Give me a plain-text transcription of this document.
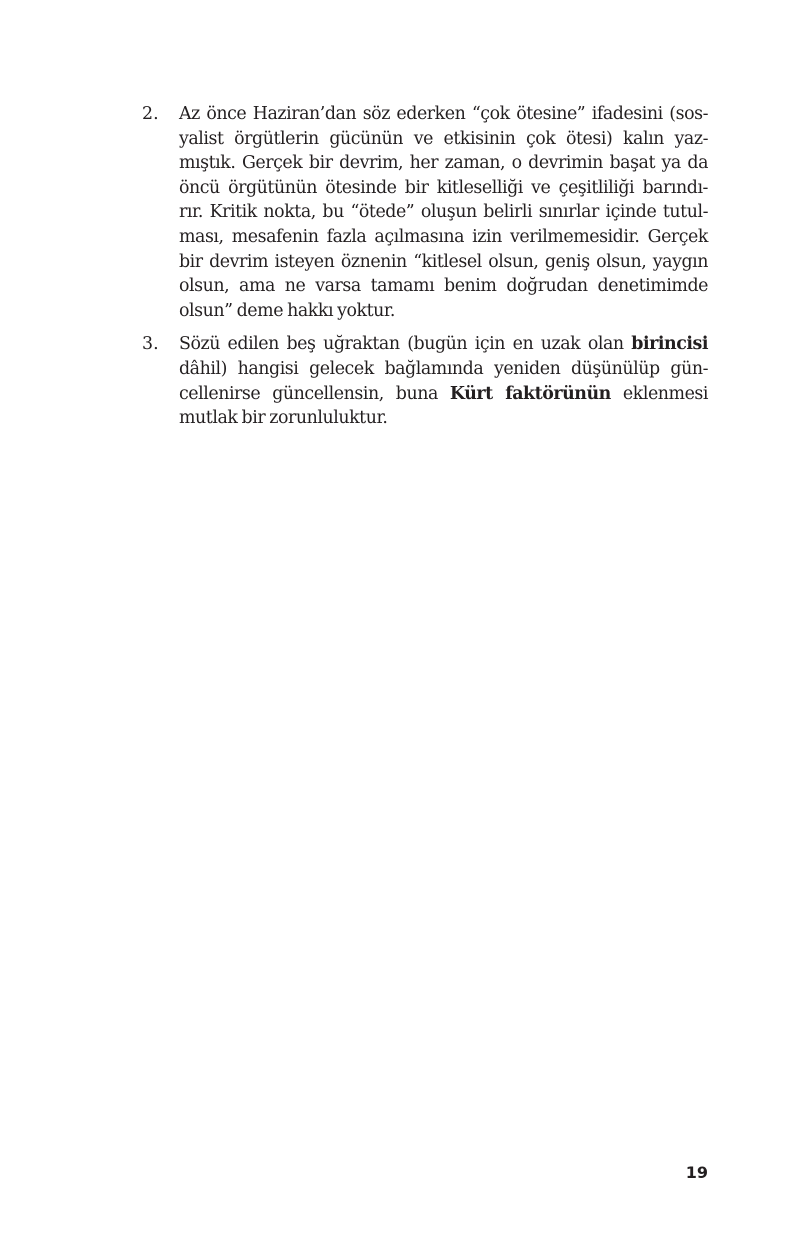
2. Az önce Haziran’dan söz ederken “çok ötesine” ifadesini (sos-
yalist örgütlerin gücünün ve etkisinin çok ötesi) kalın yaz-
mıştık. Gerçek bir devrim, her zaman, o devrimin başat ya da
öncü örgütünün ötesinde bir kitleselliği ve çeşitliliği barındı-
rır. Kritik nokta, bu “ötede” oluşun belirli sınırlar içinde tutul-
ması, mesafenin fazla açılmasına izin verilmemesidir. Gerçek
bir devrim isteyen öznenin “kitlesel olsun, geniş olsun, yaygın
olsun, ama ne varsa tamamı benim doğrudan denetimimde
olsun” deme hakkı yoktur.
3. Sözü edilen beş uğraktan (bugün için en uzak olan birincisi
dâhil) hangisi gelecek bağlamında yeniden düşünülüp gün-
cellenirse güncellensin, buna Kürt faktörünün eklenmesi
mutlak bir zorunluluktur.
19
